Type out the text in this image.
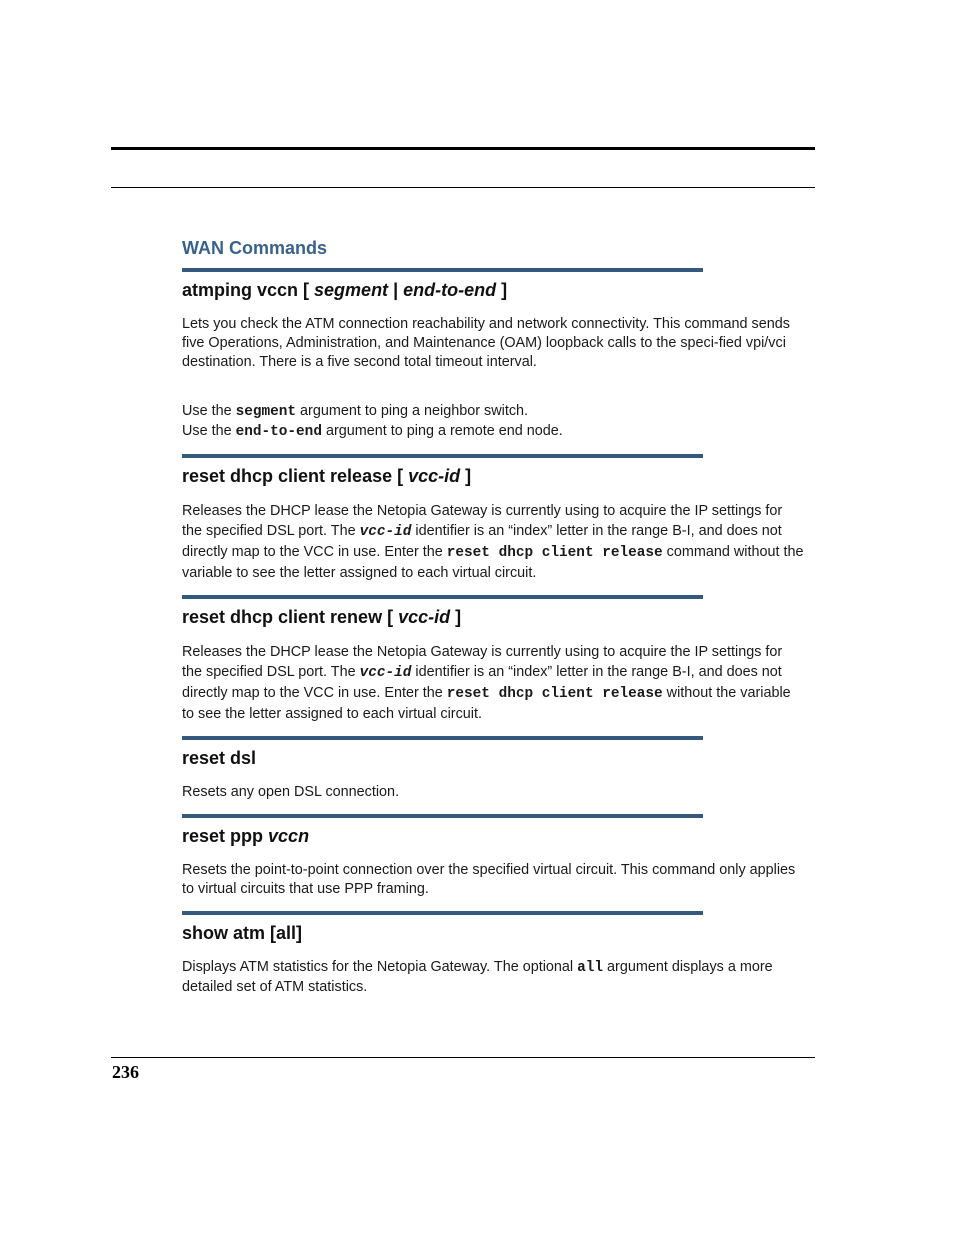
WAN Commands
atmping vccn [ segment | end-to-end ]

Lets you check the ATM connection reachability and network connectivity. This command sends five Operations, Administration, and Maintenance (OAM) loopback calls to the speci-fied vpi/vci destination. There is a five second total timeout interval.

Use the segment argument to ping a neighbor switch.

Use the end-to-end argument to ping a remote end node.

reset dhcp client release [ vcc-id ]

Releases the DHCP lease the Netopia Gateway is currently using to acquire the IP settings for the specified DSL port. The vcc-id identifier is an “index” letter in the range B-I, and does not directly map to the VCC in use. Enter the reset dhcp client release command without the variable to see the letter assigned to each virtual circuit.

reset dhcp client renew [ vcc-id ]

Releases the DHCP lease the Netopia Gateway is currently using to acquire the IP settings for the specified DSL port. The vcc-id identifier is an “index” letter in the range B-I, and does not directly map to the VCC in use. Enter the reset dhcp client release without the variable to see the letter assigned to each virtual circuit.

reset dsl

Resets any open DSL connection.

reset ppp vccn

Resets the point-to-point connection over the specified virtual circuit. This command only applies to virtual circuits that use PPP framing.

show atm [all]

Displays ATM statistics for the Netopia Gateway. The optional all argument displays a more detailed set of ATM statistics.

236
